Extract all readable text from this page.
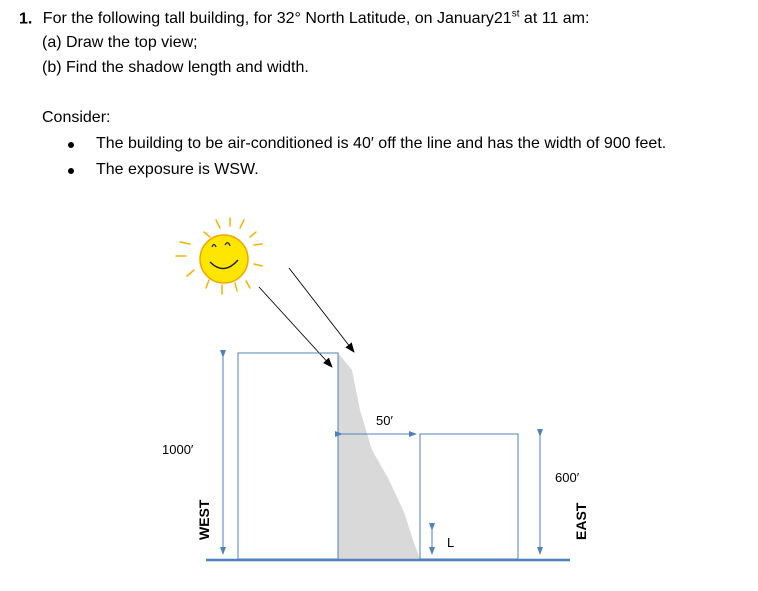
1. For the following tall building, for 32° North Latitude, on January21st at 11 am:
(a) Draw the top view;
(b) Find the shadow length and width.
Consider:
The building to be air-conditioned is 40′ off the line and has the width of 900 feet.
The exposure is WSW.
1000′
WEST
50′
600′
EAST
L
